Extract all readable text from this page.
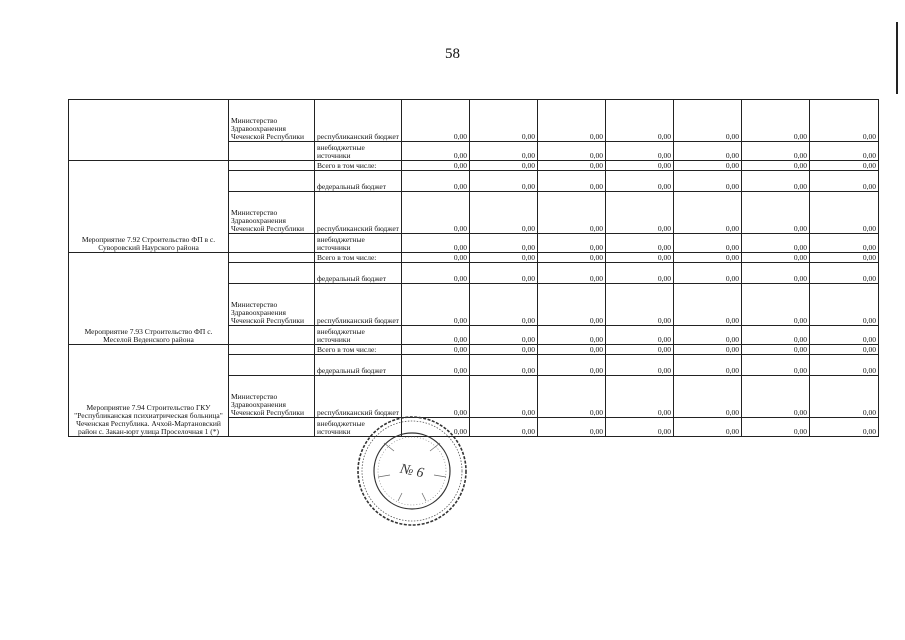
58
	Министерство Здравоохранения Чеченской Республики	республиканский бюджет	0,00	0,00	0,00	0,00	0,00	0,00	0,00
		внебюджетные источники	0,00	0,00	0,00	0,00	0,00	0,00	0,00
Мероприятие 7.92 Строительство ФП в с. Суворовский Наурского района		Всего в том числе:	0,00	0,00	0,00	0,00	0,00	0,00	0,00
		федеральный бюджет	0,00	0,00	0,00	0,00	0,00	0,00	0,00
	Министерство Здравоохранения Чеченской Республики	республиканский бюджет	0,00	0,00	0,00	0,00	0,00	0,00	0,00
		внебюджетные источники	0,00	0,00	0,00	0,00	0,00	0,00	0,00
Мероприятие 7.93 Строительство ФП с. Меселой Веденского района		Всего в том числе:	0,00	0,00	0,00	0,00	0,00	0,00	0,00
		федеральный бюджет	0,00	0,00	0,00	0,00	0,00	0,00	0,00
	Министерство Здравоохранения Чеченской Республики	республиканский бюджет	0,00	0,00	0,00	0,00	0,00	0,00	0,00
		внебюджетные источники	0,00	0,00	0,00	0,00	0,00	0,00	0,00
Мероприятие 7.94 Строительство ГКУ "Республиканская психиатрическая больница" Чеченская Республика. Ачхой-Мартановский район с. Закан-юрт улица Проселочная 1 (*)		Всего в том числе:	0,00	0,00	0,00	0,00	0,00	0,00	0,00
		федеральный бюджет	0,00	0,00	0,00	0,00	0,00	0,00	0,00
	Министерство Здравоохранения Чеченской Республики	республиканский бюджет	0,00	0,00	0,00	0,00	0,00	0,00	0,00
		внебюджетные источники	0,00	0,00	0,00	0,00	0,00	0,00	0,00
№ 6
